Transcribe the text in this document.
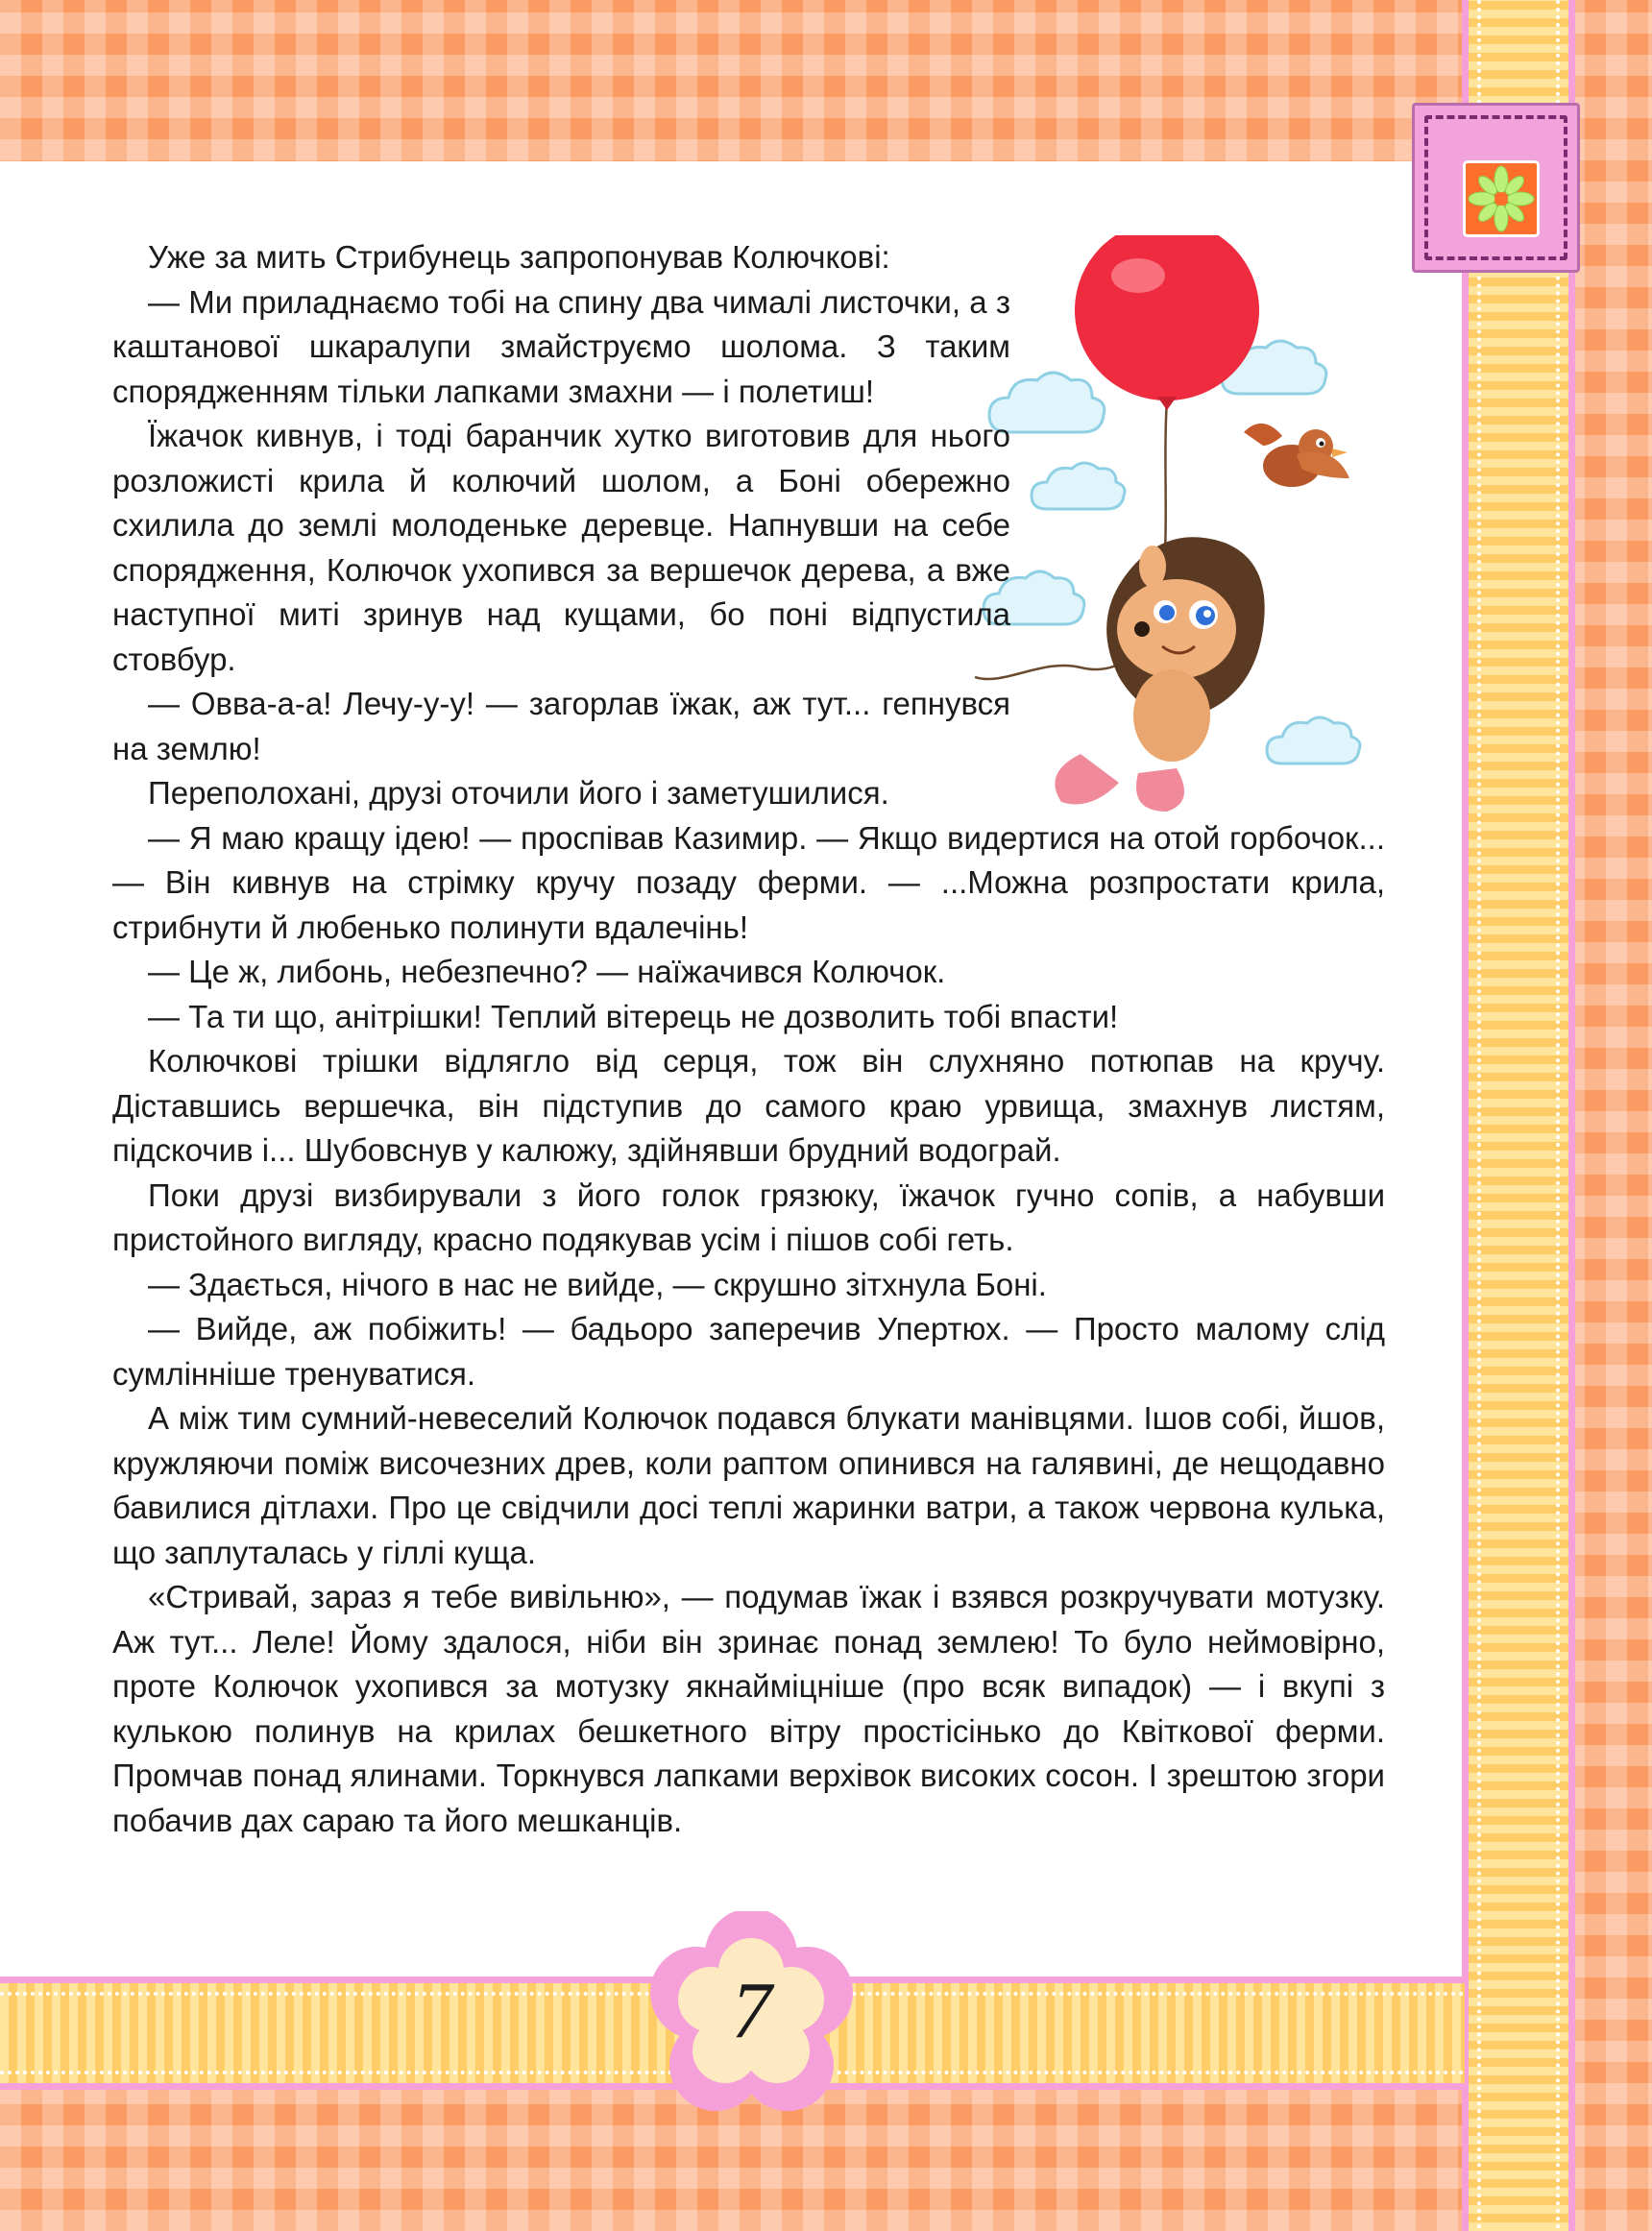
Уже за мить Стрибунець запропонував Колючкові:

— Ми приладнаємо тобі на спину два чималі листочки, а з каштанової шкаралупи змайструємо шолома. З таким спорядженням тільки лапками змахни — і полетиш!

Їжачок кивнув, і тоді баранчик хутко виготовив для нього розложисті крила й колючий шолом, а Боні обережно схилила до землі молоденьке деревце. Напнувши на себе спорядження, Колючок ухопився за вершечок дерева, а вже наступної миті зринув над кущами, бо поні відпустила стовбур.

— Овва-а-а! Лечу-у-у! — загорлав їжак, аж тут... гепнувся на землю!

Переполохані, друзі оточили його і заметушилися.

— Я маю кращу ідею! — проспівав Казимир. — Якщо видертися на отой горбочок... — Він кивнув на стрімку кручу позаду ферми. — ...Можна розпростати крила, стрибнути й любенько полинути вдалечінь!

— Це ж, либонь, небезпечно? — наїжачився Колючок.

— Та ти що, анітрішки! Теплий вітерець не дозволить тобі впасти!

Колючкові трішки відлягло від серця, тож він слухняно потюпав на кручу. Діставшись вершечка, він підступив до самого краю урвища, змахнув листям, підскочив і... Шубовснув у калюжу, здійнявши брудний водограй.

Поки друзі визбирували з його голок грязюку, їжачок гучно сопів, а набувши пристойного вигляду, красно подякував усім і пішов собі геть.

— Здається, нічого в нас не вийде, — скрушно зітхнула Боні.

— Вийде, аж побіжить! — бадьоро заперечив Упертюх. — Просто малому слід сумлінніше тренуватися.

А між тим сумний-невеселий Колючок подався блукати манівцями. Ішов собі, йшов, кружляючи поміж височезних древ, коли раптом опинився на галявині, де нещодавно бавилися дітлахи. Про це свідчили досі теплі жаринки ватри, а також червона кулька, що заплуталась у гіллі куща.

«Стривай, зараз я тебе вивільню», — подумав їжак і взявся розкручувати мотузку. Аж тут... Леле! Йому здалося, ніби він зринає понад землею! То було неймовірно, проте Колючок ухопився за мотузку якнайміцніше (про всяк випадок) — і вкупі з кулькою полинув на крилах бешкетного вітру простісінько до Квіткової ферми. Промчав понад ялинами. Торкнувся лапками верхівок високих сосон. І зрештою згори побачив дах сараю та його мешканців.

7
